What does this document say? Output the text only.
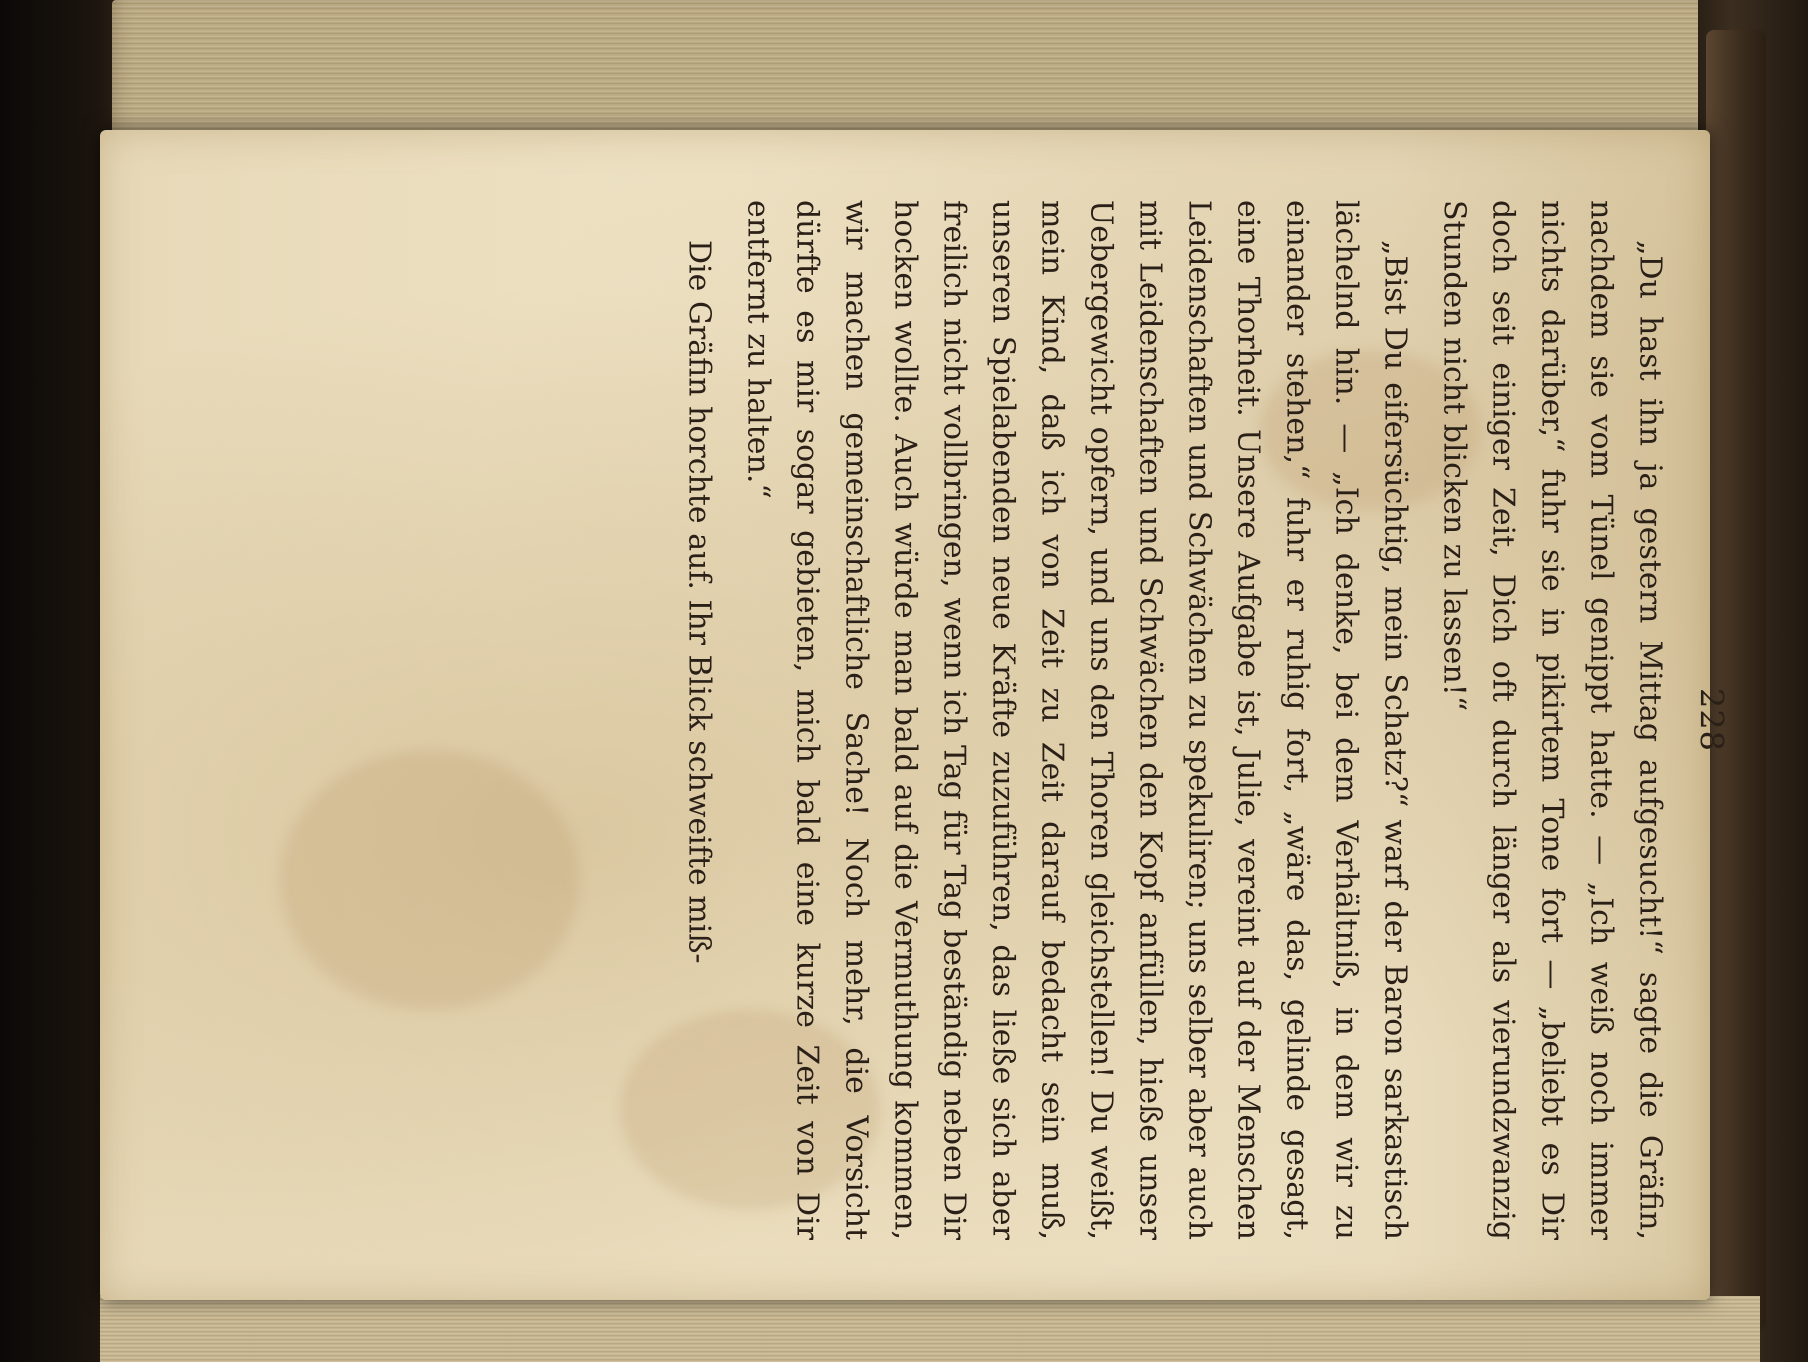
228

„Du hast ihn ja gestern Mittag aufgesucht!“ sagte die Gräfin, nachdem sie vom Tünel genippt hatte. — „Ich weiß noch immer nichts darüber,“ fuhr sie in pikirtem Tone fort — „beliebt es Dir doch seit einiger Zeit, Dich oft durch länger als vierundzwanzig Stunden nicht blicken zu lassen!“

„Bist Du eifersüchtig, mein Schatz?“ warf der Baron sarkastisch lächelnd hin. — „Ich denke, bei dem Verhältniß, in dem wir zu einander stehen,“ fuhr er ruhig fort, „wäre das, gelinde gesagt, eine Thorheit. Unsere Aufgabe ist, Julie, vereint auf der Menschen Leidenschaften und Schwächen zu spekuliren; uns selber aber auch mit Leidenschaften und Schwächen den Kopf anfüllen, hieße unser Uebergewicht opfern, und uns den Thoren gleichstellen! Du weißt, mein Kind, daß ich von Zeit zu Zeit darauf bedacht sein muß, unseren Spielabenden neue Kräfte zuzuführen, das ließe sich aber freilich nicht vollbringen, wenn ich Tag für Tag beständig neben Dir hocken wollte. Auch würde man bald auf die Vermuthung kommen, wir machen gemeinschaftliche Sache! Noch mehr, die Vorsicht dürfte es mir sogar gebieten, mich bald eine kurze Zeit von Dir entfernt zu halten.“

Die Gräfin horchte auf. Ihr Blick schweifte miß-
